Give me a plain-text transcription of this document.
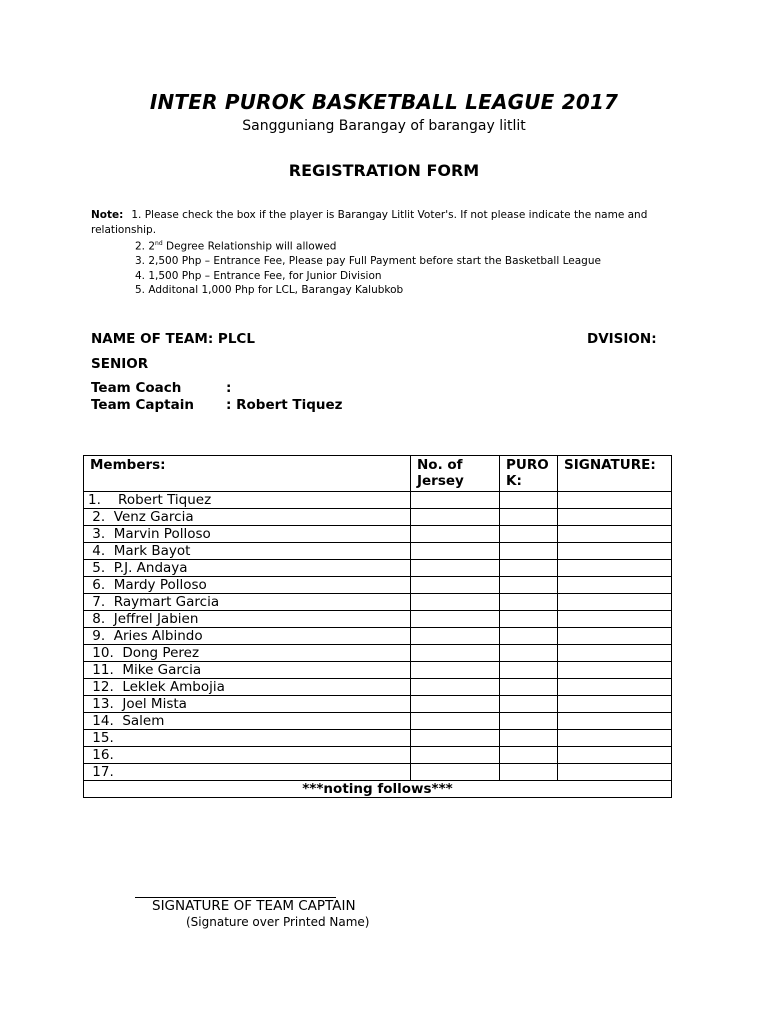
INTER PUROK BASKETBALL LEAGUE 2017
Sangguniang Barangay of barangay litlit
REGISTRATION FORM
Note: 1. Please check the box if the player is Barangay Litlit Voter's. If not please indicate the name and relationship.
2. 2nd Degree Relationship will allowed
3. 2,500 Php – Entrance Fee, Please pay Full Payment before start the Basketball League
4. 1,500 Php – Entrance Fee, for Junior Division
5. Additonal 1,000 Php for LCL, Barangay Kalubkob
NAME OF TEAM: PLCL	DVISION:
SENIOR
Team Coach	:
Team Captain : Robert Tiquez
Members:	No. of Jersey	PURO K:	SIGNATURE:
1.    Robert Tiquez			
2.  Venz Garcia			
3.  Marvin Polloso			
4.  Mark Bayot			
5.  P.J. Andaya			
6.  Mardy Polloso			
7.  Raymart Garcia			
8.  Jeffrel Jabien			
9.  Aries Albindo			
10.  Dong Perez			
11.  Mike Garcia			
12.  Leklek Ambojia			
13.  Joel Mista			
14.  Salem			
15.			
16.			
17.			
***noting follows***			
SIGNATURE OF TEAM CAPTAIN
(Signature over Printed Name)
